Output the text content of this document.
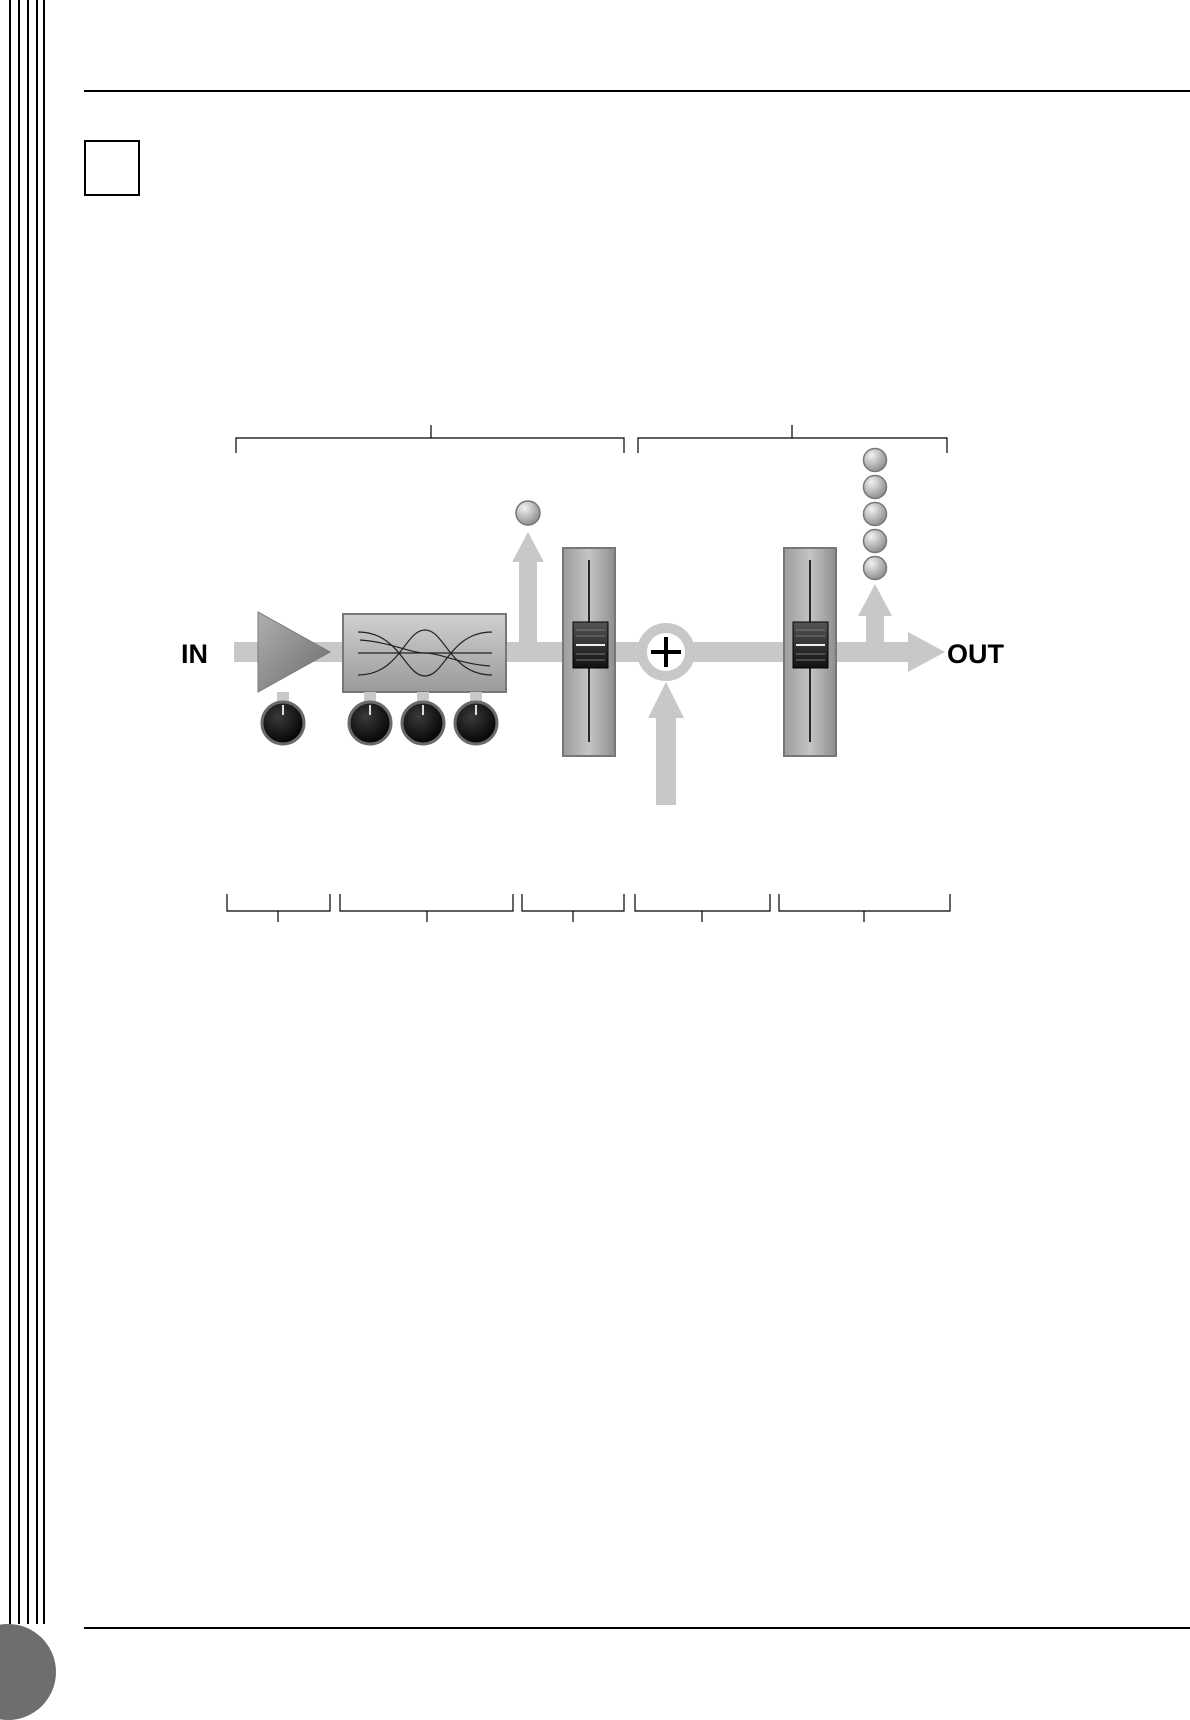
IN	OUT
